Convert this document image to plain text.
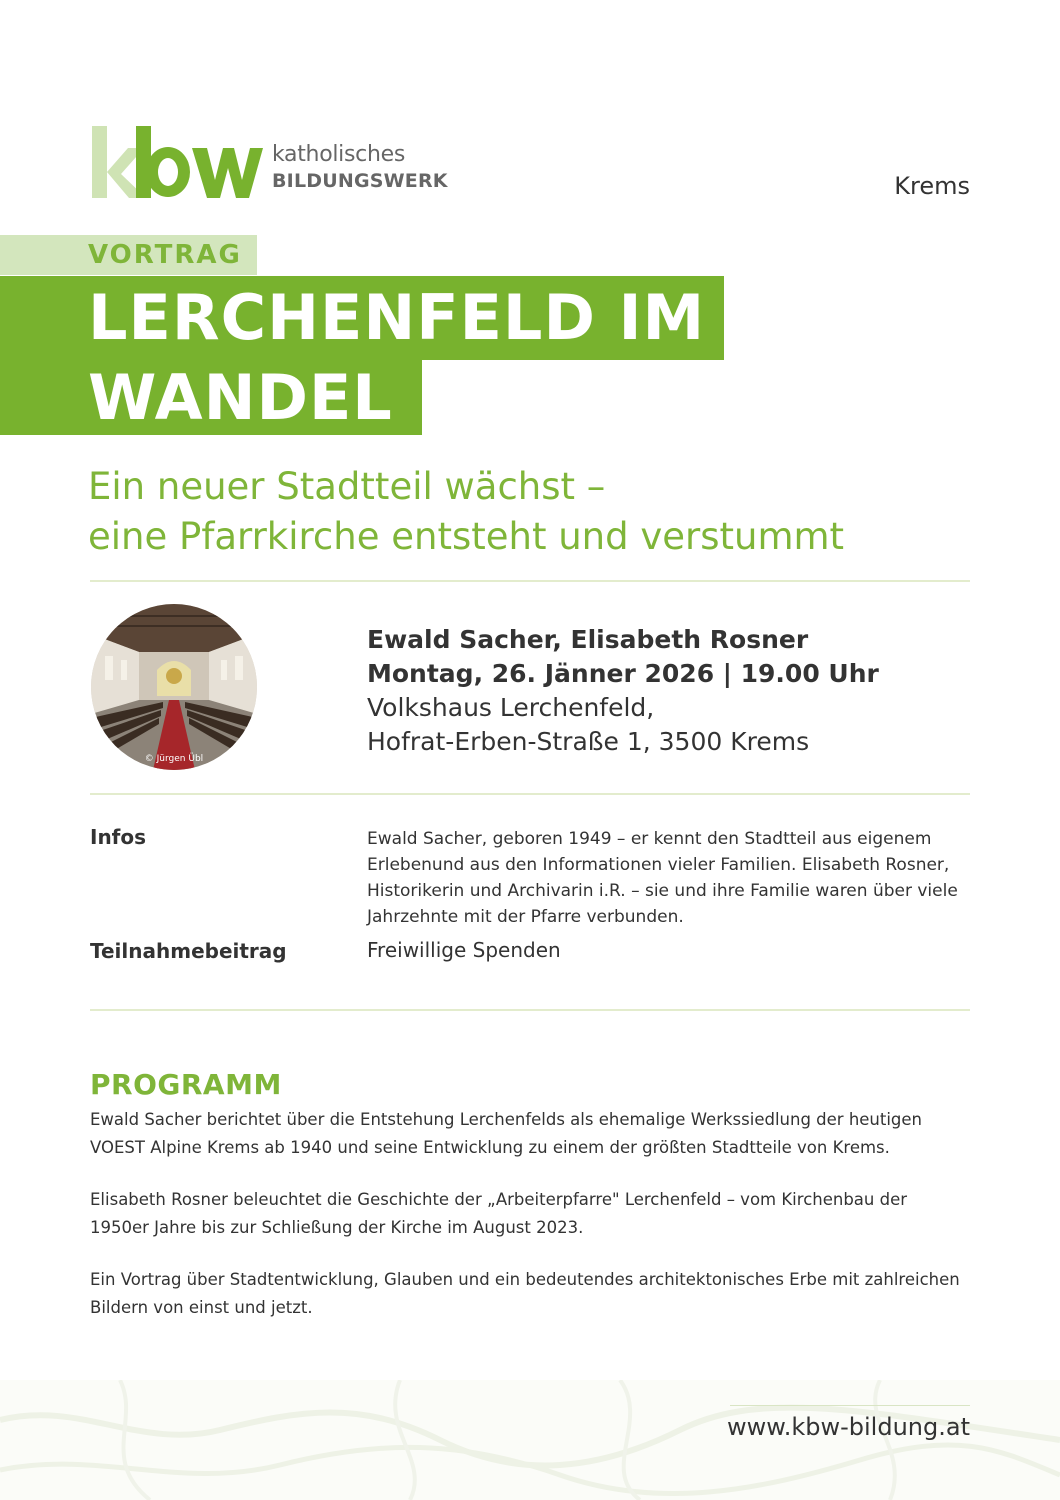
katholisches
BILDUNGSWERK	Krems
VORTRAG
LERCHENFELD IM
WANDEL
Ein neuer Stadtteil wächst –
eine Pfarrkirche entsteht und verstummt
© Jürgen Übl
Ewald Sacher, Elisabeth Rosner
Montag, 26. Jänner 2026 | 19.00 Uhr
Volkshaus Lerchenfeld,
Hofrat-Erben-Straße 1, 3500 Krems
Infos	Ewald Sacher, geboren 1949 – er kennt den Stadtteil aus eigenem Erlebenund aus den Informationen vieler Familien. Elisabeth Rosner, Historikerin und Archivarin i.R. – sie und ihre Familie waren über viele Jahrzehnte mit der Pfarre verbunden.
Teilnahmebeitrag	Freiwillige Spenden
PROGRAMM
Ewald Sacher berichtet über die Entstehung Lerchenfelds als ehemalige Werkssiedlung der heutigen VOEST Alpine Krems ab 1940 und seine Entwicklung zu einem der größten Stadtteile von Krems.
Elisabeth Rosner beleuchtet die Geschichte der „Arbeiterpfarre" Lerchenfeld – vom Kirchenbau der 1950er Jahre bis zur Schließung der Kirche im August 2023.
Ein Vortrag über Stadtentwicklung, Glauben und ein bedeutendes architektonisches Erbe mit zahlreichen Bildern von einst und jetzt.
www.kbw-bildung.at
